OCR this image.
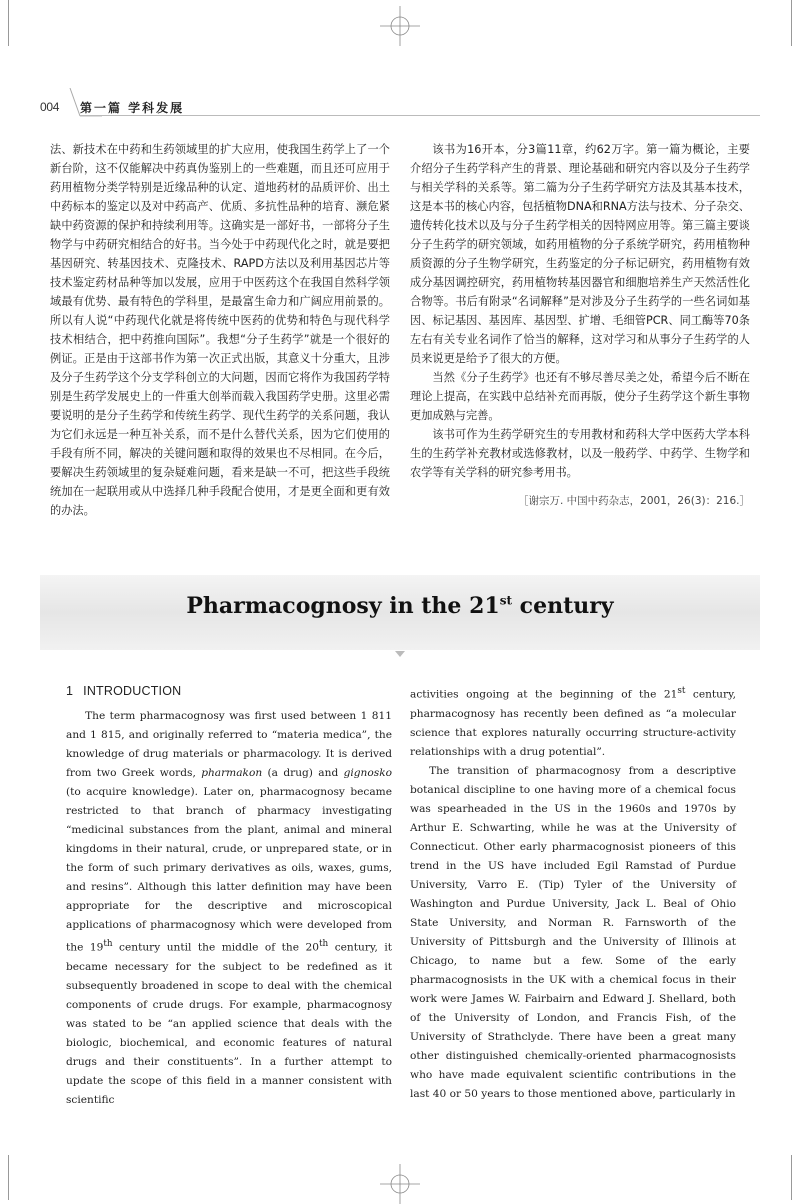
004 第一篇 学科发展

法、新技术在中药和生药领域里的扩大应用，使我国生药学上了一个新台阶，这不仅能解决中药真伪鉴别上的一些难题，而且还可应用于药用植物分类学特别是近缘品种的认定、道地药材的品质评价、出土中药标本的鉴定以及对中药高产、优质、多抗性品种的培育、濒危紧缺中药资源的保护和持续利用等。这确实是一部好书，一部将分子生物学与中药研究相结合的好书。当今处于中药现代化之时，就是要把基因研究、转基因技术、克隆技术、RAPD方法以及利用基因芯片等技术鉴定药材品种等加以发展，应用于中医药这个在我国自然科学领域最有优势、最有特色的学科里，是最富生命力和广阔应用前景的。所以有人说“中药现代化就是将传统中医药的优势和特色与现代科学技术相结合，把中药推向国际”。我想“分子生药学”就是一个很好的例证。正是由于这部书作为第一次正式出版，其意义十分重大，且涉及分子生药学这个分支学科创立的大问题，因而它将作为我国药学特别是生药学发展史上的一件重大创举而载入我国药学史册。这里必需要说明的是分子生药学和传统生药学、现代生药学的关系问题，我认为它们永远是一种互补关系，而不是什么替代关系，因为它们使用的手段有所不同，解决的关键问题和取得的效果也不尽相同。在今后，要解决生药领域里的复杂疑难问题，看来是缺一不可，把这些手段统统加在一起联用或从中选择几种手段配合使用，才是更全面和更有效的办法。

该书为16开本，分3篇11章，约62万字。第一篇为概论，主要介绍分子生药学科产生的背景、理论基础和研究内容以及分子生药学与相关学科的关系等。第二篇为分子生药学研究方法及其基本技术，这是本书的核心内容，包括植物DNA和RNA方法与技术、分子杂交、遗传转化技术以及与分子生药学相关的因特网应用等。第三篇主要谈分子生药学的研究领域，如药用植物的分子系统学研究，药用植物种质资源的分子生物学研究，生药鉴定的分子标记研究，药用植物有效成分基因调控研究，药用植物转基因器官和细胞培养生产天然活性化合物等。书后有附录“名词解释”是对涉及分子生药学的一些名词如基因、标记基因、基因库、基因型、扩增、毛细管PCR、同工酶等70条左右有关专业名词作了恰当的解释，这对学习和从事分子生药学的人员来说更是给予了很大的方便。

当然《分子生药学》也还有不够尽善尽美之处，希望今后不断在理论上提高，在实践中总结补充而再版，使分子生药学这个新生事物更加成熟与完善。

该书可作为生药学研究生的专用教材和药科大学中医药大学本科生的生药学补充教材或选修教材，以及一般药学、中药学、生物学和农学等有关学科的研究参考用书。

［谢宗万. 中国中药杂志，2001，26(3)：216.］
Pharmacognosy in the 21st century
1 INTRODUCTION

The term pharmacognosy was first used between 1 811 and 1 815, and originally referred to “materia medica”, the knowledge of drug materials or pharmacology. It is derived from two Greek words, pharmakon (a drug) and gignosko (to acquire knowledge). Later on, pharmacognosy became restricted to that branch of pharmacy investigating “medicinal substances from the plant, animal and mineral kingdoms in their natural, crude, or unprepared state, or in the form of such primary derivatives as oils, waxes, gums, and resins”. Although this latter definition may have been appropriate for the descriptive and microscopical applications of pharmacognosy which were developed from the 19th century until the middle of the 20th century, it became necessary for the subject to be redefined as it subsequently broadened in scope to deal with the chemical components of crude drugs. For example, pharmacognosy was stated to be “an applied science that deals with the biologic, biochemical, and economic features of natural drugs and their constituents”. In a further attempt to update the scope of this field in a manner consistent with scientific

activities ongoing at the beginning of the 21st century, pharmacognosy has recently been defined as “a molecular science that explores naturally occurring structure-activity relationships with a drug potential”.

The transition of pharmacognosy from a descriptive botanical discipline to one having more of a chemical focus was spearheaded in the US in the 1960s and 1970s by Arthur E. Schwarting, while he was at the University of Connecticut. Other early pharmacognosist pioneers of this trend in the US have included Egil Ramstad of Purdue University, Varro E. (Tip) Tyler of the University of Washington and Purdue University, Jack L. Beal of Ohio State University, and Norman R. Farnsworth of the University of Pittsburgh and the University of Illinois at Chicago, to name but a few. Some of the early pharmacognosists in the UK with a chemical focus in their work were James W. Fairbairn and Edward J. Shellard, both of the University of London, and Francis Fish, of the University of Strathclyde. There have been a great many other distinguished chemically-oriented pharmacognosists who have made equivalent scientific contributions in the last 40 or 50 years to those mentioned above, particularly in
